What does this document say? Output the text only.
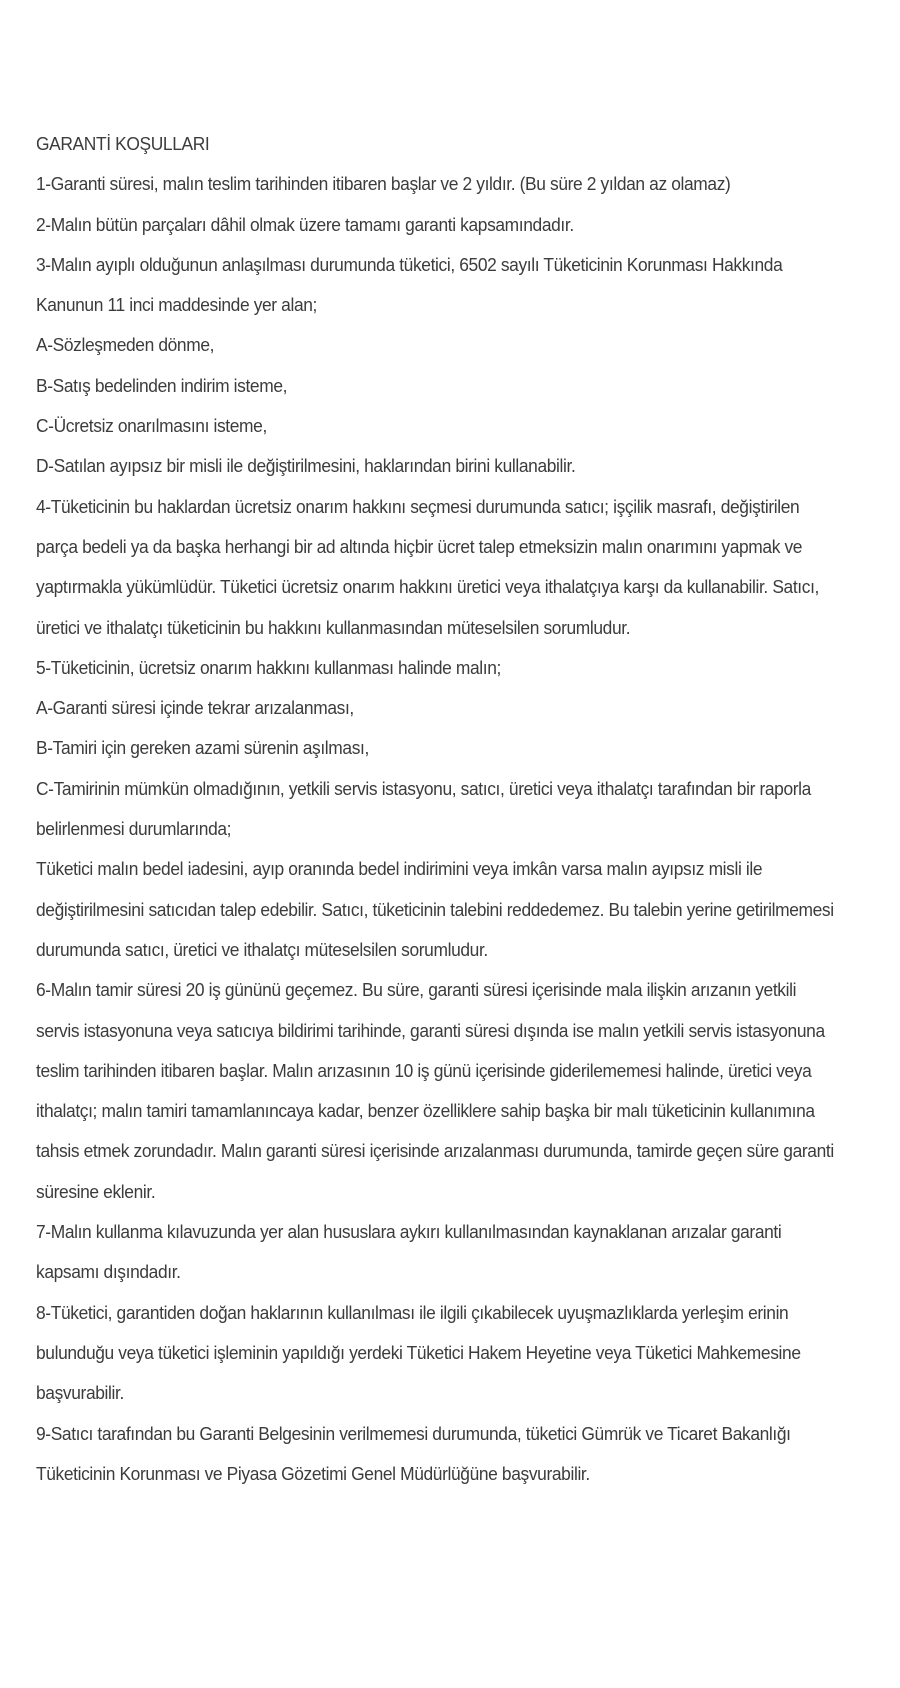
GARANTİ KOŞULLARI

1-Garanti süresi, malın teslim tarihinden itibaren başlar ve 2 yıldır. (Bu süre 2 yıldan az olamaz)

2-Malın bütün parçaları dâhil olmak üzere tamamı garanti kapsamındadır.

3-Malın ayıplı olduğunun anlaşılması durumunda tüketici, 6502 sayılı Tüketicinin Korunması Hakkında Kanunun 11 inci maddesinde yer alan;

A-Sözleşmeden dönme,

B-Satış bedelinden indirim isteme,

C-Ücretsiz onarılmasını isteme,

D-Satılan ayıpsız bir misli ile değiştirilmesini, haklarından birini kullanabilir.

4-Tüketicinin bu haklardan ücretsiz onarım hakkını seçmesi durumunda satıcı; işçilik masrafı, değiştirilen parça bedeli ya da başka herhangi bir ad altında hiçbir ücret talep etmeksizin malın onarımını yapmak ve yaptırmakla yükümlüdür. Tüketici ücretsiz onarım hakkını üretici veya ithalatçıya karşı da kullanabilir. Satıcı, üretici ve ithalatçı tüketicinin bu hakkını kullanmasından müteselsilen sorumludur.

5-Tüketicinin, ücretsiz onarım hakkını kullanması halinde malın;

A-Garanti süresi içinde tekrar arızalanması,

B-Tamiri için gereken azami sürenin aşılması,

C-Tamirinin mümkün olmadığının, yetkili servis istasyonu, satıcı, üretici veya ithalatçı tarafından bir raporla belirlenmesi durumlarında;

Tüketici malın bedel iadesini, ayıp oranında bedel indirimini veya imkân varsa malın ayıpsız misli ile değiştirilmesini satıcıdan talep edebilir. Satıcı, tüketicinin talebini reddedemez. Bu talebin yerine getirilmemesi durumunda satıcı, üretici ve ithalatçı müteselsilen sorumludur.

6-Malın tamir süresi 20 iş gününü geçemez. Bu süre, garanti süresi içerisinde mala ilişkin arızanın yetkili servis istasyonuna veya satıcıya bildirimi tarihinde, garanti süresi dışında ise malın yetkili servis istasyonuna teslim tarihinden itibaren başlar. Malın arızasının 10 iş günü içerisinde giderilememesi halinde, üretici veya ithalatçı; malın tamiri tamamlanıncaya kadar, benzer özelliklere sahip başka bir malı tüketicinin kullanımına tahsis etmek zorundadır. Malın garanti süresi içerisinde arızalanması durumunda, tamirde geçen süre garanti süresine eklenir.

7-Malın kullanma kılavuzunda yer alan hususlara aykırı kullanılmasından kaynaklanan arızalar garanti kapsamı dışındadır.

8-Tüketici, garantiden doğan haklarının kullanılması ile ilgili çıkabilecek uyuşmazlıklarda yerleşim erinin bulunduğu veya tüketici işleminin yapıldığı yerdeki Tüketici Hakem Heyetine veya Tüketici Mahkemesine başvurabilir.

9-Satıcı tarafından bu Garanti Belgesinin verilmemesi durumunda, tüketici Gümrük ve Ticaret Bakanlığı Tüketicinin Korunması ve Piyasa Gözetimi Genel Müdürlüğüne başvurabilir.
